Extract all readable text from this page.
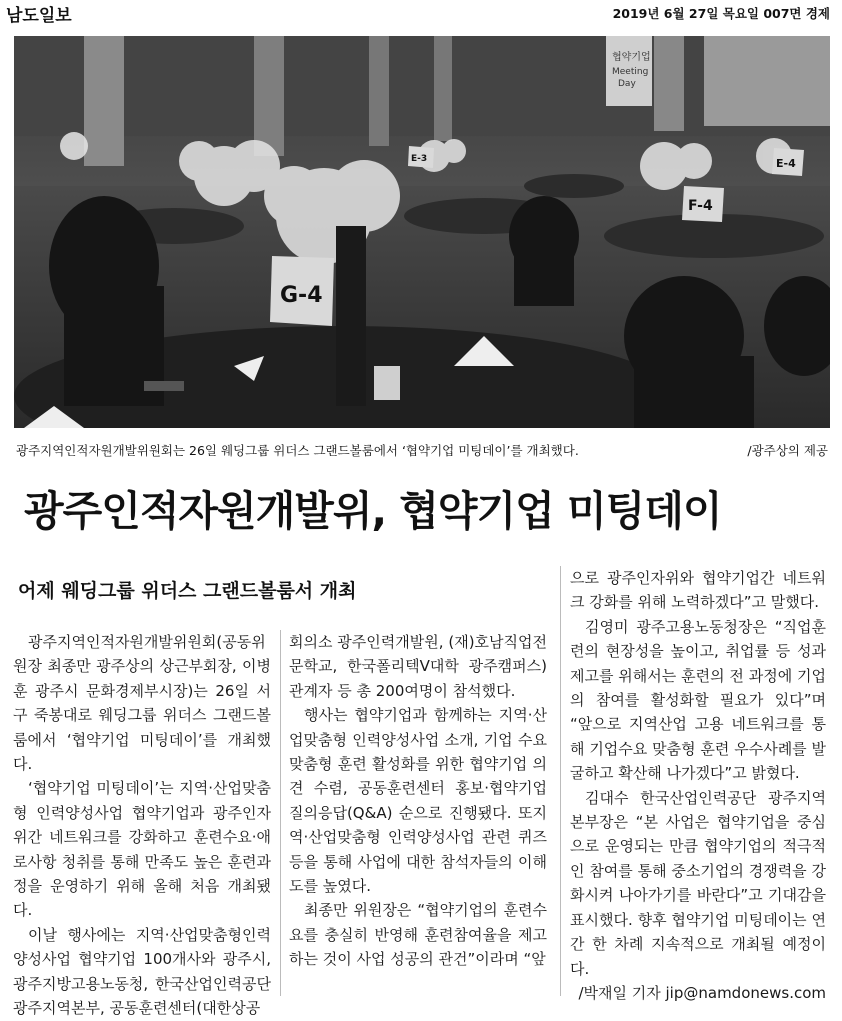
남도일보	2019년 6월 27일 목요일 007면 경제
협약기업
Meeting
Day
G-4
F-4
E-4
E-3
광주지역인적자원개발위원회는 26일 웨딩그룹 위더스 그랜드볼룸에서 ‘협약기업 미팅데이’를 개최했다.	/광주상의 제공
광주인적자원개발위, 협약기업 미팅데이
어제 웨딩그룹 위더스 그랜드볼룸서 개최

광주지역인적자원개발위원회(공동위원장 최종만 광주상의 상근부회장, 이병훈 광주시 문화경제부시장)는 26일 서구 죽봉대로 웨딩그룹 위더스 그랜드볼룸에서 ‘협약기업 미팅데이’를 개최했다.

‘협약기업 미팅데이’는 지역·산업맞춤형 인력양성사업 협약기업과 광주인자위간 네트워크를 강화하고 훈련수요·애로사항 청취를 통해 만족도 높은 훈련과정을 운영하기 위해 올해 처음 개최됐다.

이날 행사에는 지역·산업맞춤형인력양성사업 협약기업 100개사와 광주시, 광주지방고용노동청, 한국산업인력공단 광주지역본부, 공동훈련센터(대한상공

회의소 광주인력개발원, (재)호남직업전문학교, 한국폴리텍V대학 광주캠퍼스) 관계자 등 총 200여명이 참석했다.

행사는 협약기업과 함께하는 지역·산업맞춤형 인력양성사업 소개, 기업 수요 맞춤형 훈련 활성화를 위한 협약기업 의견 수렴, 공동훈련센터 홍보·협약기업 질의응답(Q&A) 순으로 진행됐다. 또지역·산업맞춤형 인력양성사업 관련 퀴즈 등을 통해 사업에 대한 참석자들의 이해도를 높였다.

최종만 위원장은 “협약기업의 훈련수요를 충실히 반영해 훈련참여율을 제고하는 것이 사업 성공의 관건”이라며 “앞

으로 광주인자위와 협약기업간 네트워크 강화를 위해 노력하겠다”고 말했다.

김영미 광주고용노동청장은 “직업훈련의 현장성을 높이고, 취업률 등 성과 제고를 위해서는 훈련의 전 과정에 기업의 참여를 활성화할 필요가 있다”며 “앞으로 지역산업 고용 네트워크를 통해 기업수요 맞춤형 훈련 우수사례를 발굴하고 확산해 나가겠다”고 밝혔다.

김대수 한국산업인력공단 광주지역본부장은 “본 사업은 협약기업을 중심으로 운영되는 만큼 협약기업의 적극적인 참여를 통해 중소기업의 경쟁력을 강화시켜 나아가기를 바란다”고 기대감을 표시했다. 향후 협약기업 미팅데이는 연간 한 차례 지속적으로 개최될 예정이다.

/박재일 기자 jip@namdonews.com
